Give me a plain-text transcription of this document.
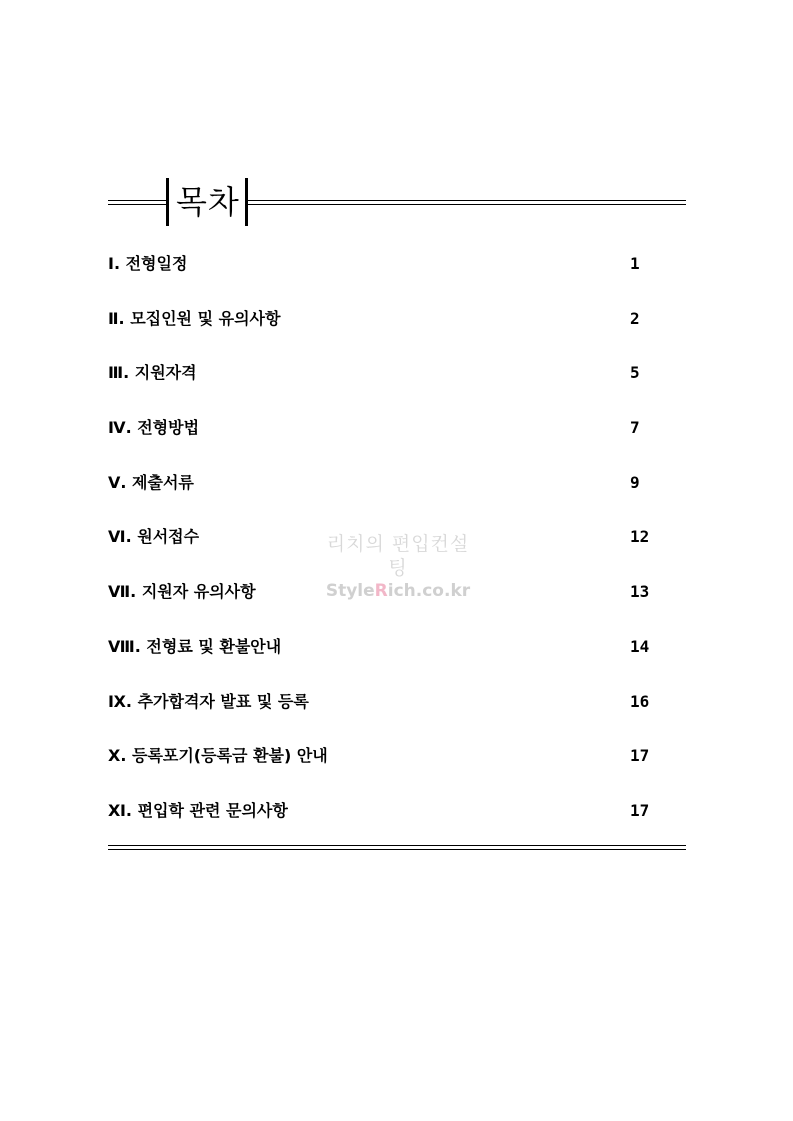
목차
Ⅰ. 전형일정	1
Ⅱ. 모집인원 및 유의사항	2
Ⅲ. 지원자격	5
Ⅳ. 전형방법	7
Ⅴ. 제출서류	9
Ⅵ. 원서접수	12
Ⅶ. 지원자 유의사항	13
Ⅷ. 전형료 및 환불안내	14
Ⅸ. 추가합격자 발표 및 등록	16
Ⅹ. 등록포기(등록금 환불) 안내	17
Ⅺ. 편입학 관련 문의사항	17
리치의 편입컨설팅
StyleRich.co.kr
